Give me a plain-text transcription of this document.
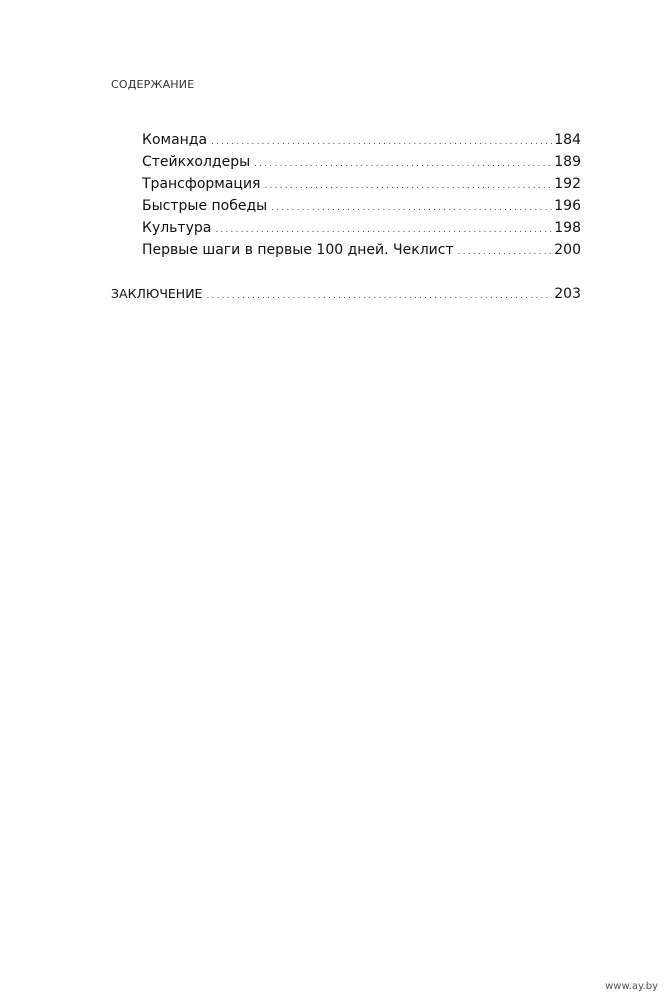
СОДЕРЖАНИЕ
Команда .....	184
Стейкхолдеры .....	189
Трансформация .....	192
Быстрые победы .....	196
Культура .....	198
Первые шаги в первые 100 дней. Чеклист .....	200
ЗАКЛЮЧЕНИЕ .....	203
www.ay.by
